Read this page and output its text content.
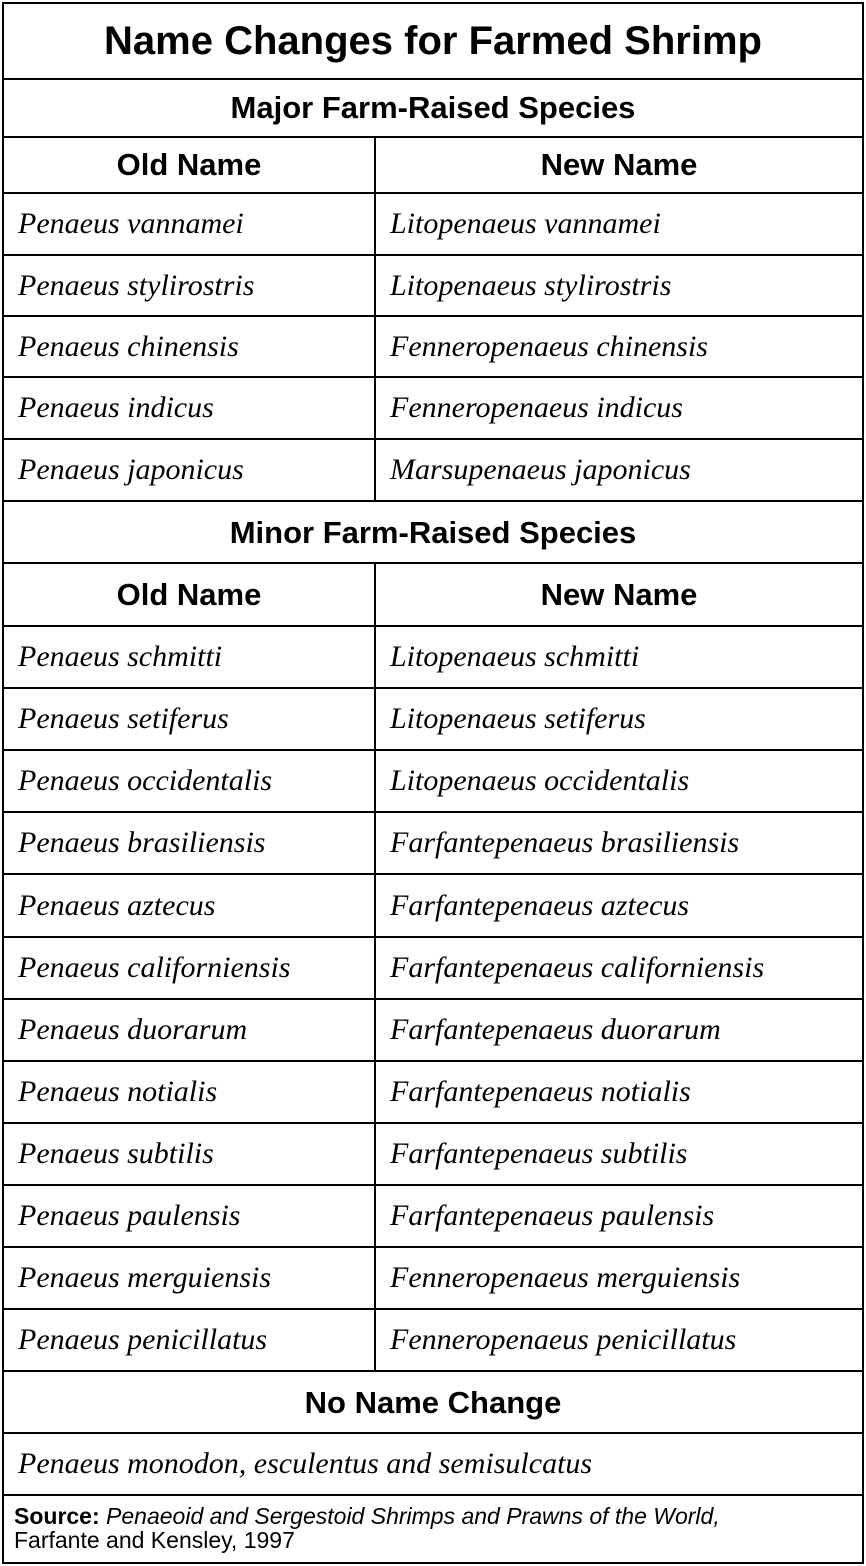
Name Changes for Farmed Shrimp
Major Farm-Raised Species
Old Name	New Name
Penaeus vannamei	Litopenaeus vannamei
Penaeus stylirostris	Litopenaeus stylirostris
Penaeus chinensis	Fenneropenaeus chinensis
Penaeus indicus	Fenneropenaeus indicus
Penaeus japonicus	Marsupenaeus japonicus
Minor Farm-Raised Species
Old Name	New Name
Penaeus schmitti	Litopenaeus schmitti
Penaeus setiferus	Litopenaeus setiferus
Penaeus occidentalis	Litopenaeus occidentalis
Penaeus brasiliensis	Farfantepenaeus brasiliensis
Penaeus aztecus	Farfantepenaeus aztecus
Penaeus californiensis	Farfantepenaeus californiensis
Penaeus duorarum	Farfantepenaeus duorarum
Penaeus notialis	Farfantepenaeus notialis
Penaeus subtilis	Farfantepenaeus subtilis
Penaeus paulensis	Farfantepenaeus paulensis
Penaeus merguiensis	Fenneropenaeus merguiensis
Penaeus penicillatus	Fenneropenaeus penicillatus
No Name Change
Penaeus monodon, esculentus and semisulcatus
Source: Penaeoid and Sergestoid Shrimps and Prawns of the World,
Farfante and Kensley, 1997
